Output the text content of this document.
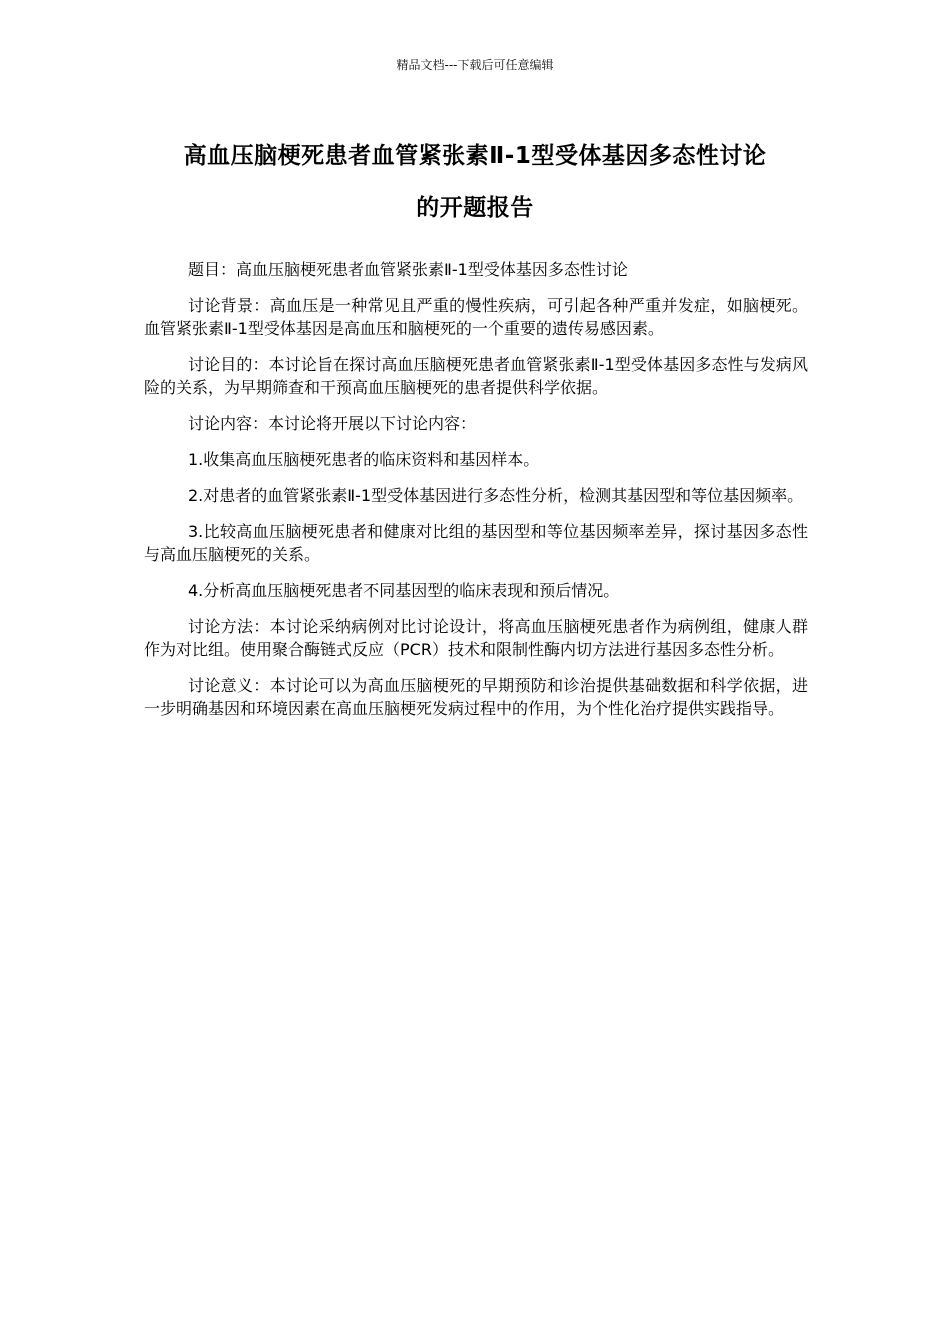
精品文档---下载后可任意编辑
高血压脑梗死患者血管紧张素Ⅱ-1型受体基因多态性讨论
的开题报告

题目：高血压脑梗死患者血管紧张素Ⅱ-1型受体基因多态性讨论

讨论背景：高血压是一种常见且严重的慢性疾病，可引起各种严重并发症，如脑梗死。血管紧张素Ⅱ-1型受体基因是高血压和脑梗死的一个重要的遗传易感因素。

讨论目的：本讨论旨在探讨高血压脑梗死患者血管紧张素Ⅱ-1型受体基因多态性与发病风险的关系，为早期筛查和干预高血压脑梗死的患者提供科学依据。

讨论内容：本讨论将开展以下讨论内容：

1.收集高血压脑梗死患者的临床资料和基因样本。

2.对患者的血管紧张素Ⅱ-1型受体基因进行多态性分析，检测其基因型和等位基因频率。

3.比较高血压脑梗死患者和健康对比组的基因型和等位基因频率差异，探讨基因多态性与高血压脑梗死的关系。

4.分析高血压脑梗死患者不同基因型的临床表现和预后情况。

讨论方法：本讨论采纳病例对比讨论设计，将高血压脑梗死患者作为病例组，健康人群作为对比组。使用聚合酶链式反应（PCR）技术和限制性酶内切方法进行基因多态性分析。

讨论意义：本讨论可以为高血压脑梗死的早期预防和诊治提供基础数据和科学依据，进一步明确基因和环境因素在高血压脑梗死发病过程中的作用，为个性化治疗提供实践指导。
